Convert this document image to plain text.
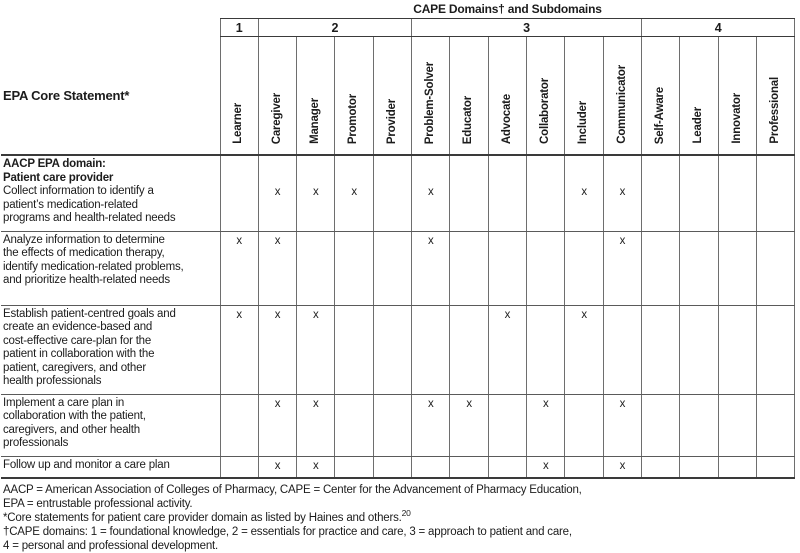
	CAPE Domains† and Subdomains														
	1	2				3						4			
EPA Core Statement*	Learner	Caregiver	Manager	Promotor	Provider	Problem-Solver	Educator	Advocate	Collaborator	Includer	Communicator	Self-Aware	Leader	Innovator	Professional

AACP EPA domain:
Patient care provider
Collect information to identify a
patient’s medication-related
programs and health-related needs		x	x	x		x				x	x				

Analyze information to determine
the effects of medication therapy,
identify medication-related problems,
and prioritize health-related needs	x	x				x					x				

Establish patient-centred goals and
create an evidence-based and
cost-effective care-plan for the
patient in collaboration with the
patient, caregivers, and other
health professionals
	x	x	x					x		x					

Implement a care plan in
collaboration with the patient,
caregivers, and other health
professionals		x	x			x	x		x		x				

Follow up and monitor a care plan		x	x						x		x				
AACP = American Association of Colleges of Pharmacy, CAPE = Center for the Advancement of Pharmacy Education,
EPA = entrustable professional activity.
*Core statements for patient care provider domain as listed by Haines and others.$^{20}$
†CAPE domains: 1 = foundational knowledge, 2 = essentials for practice and care, 3 = approach to patient and care,
4 = personal and professional development.
